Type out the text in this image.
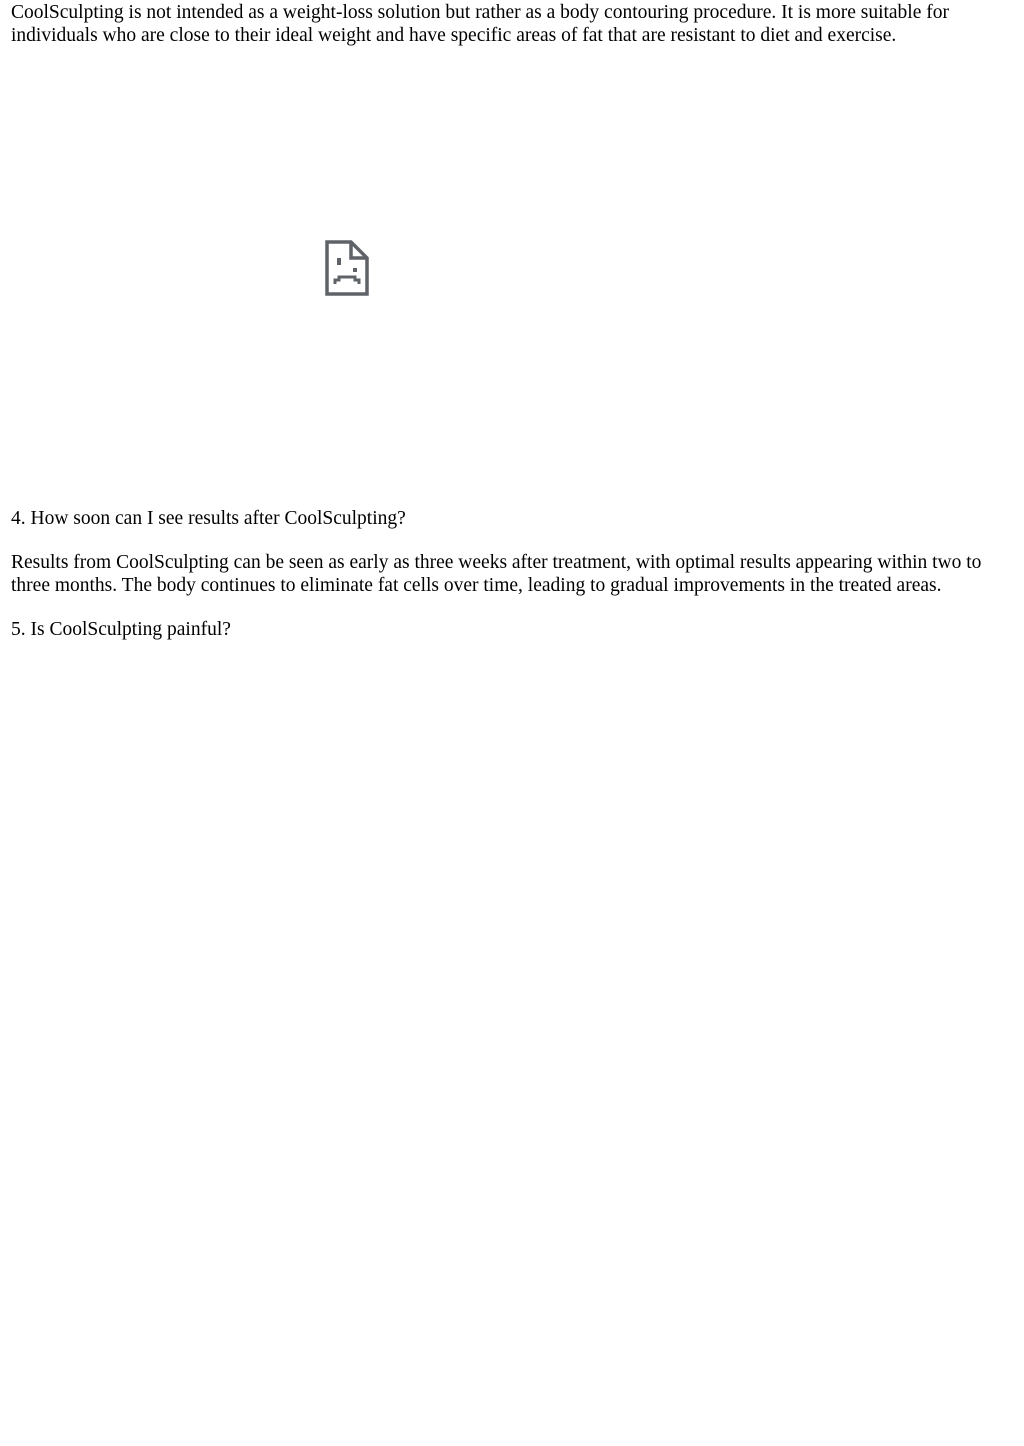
CoolSculpting is not intended as a weight-loss solution but rather as a body contouring procedure. It is more suitable for individuals who are close to their ideal weight and have specific areas of fat that are resistant to diet and exercise.

4. How soon can I see results after CoolSculpting?

Results from CoolSculpting can be seen as early as three weeks after treatment, with optimal results appearing within two to three months. The body continues to eliminate fat cells over time, leading to gradual improvements in the treated areas.

5. Is CoolSculpting painful?
